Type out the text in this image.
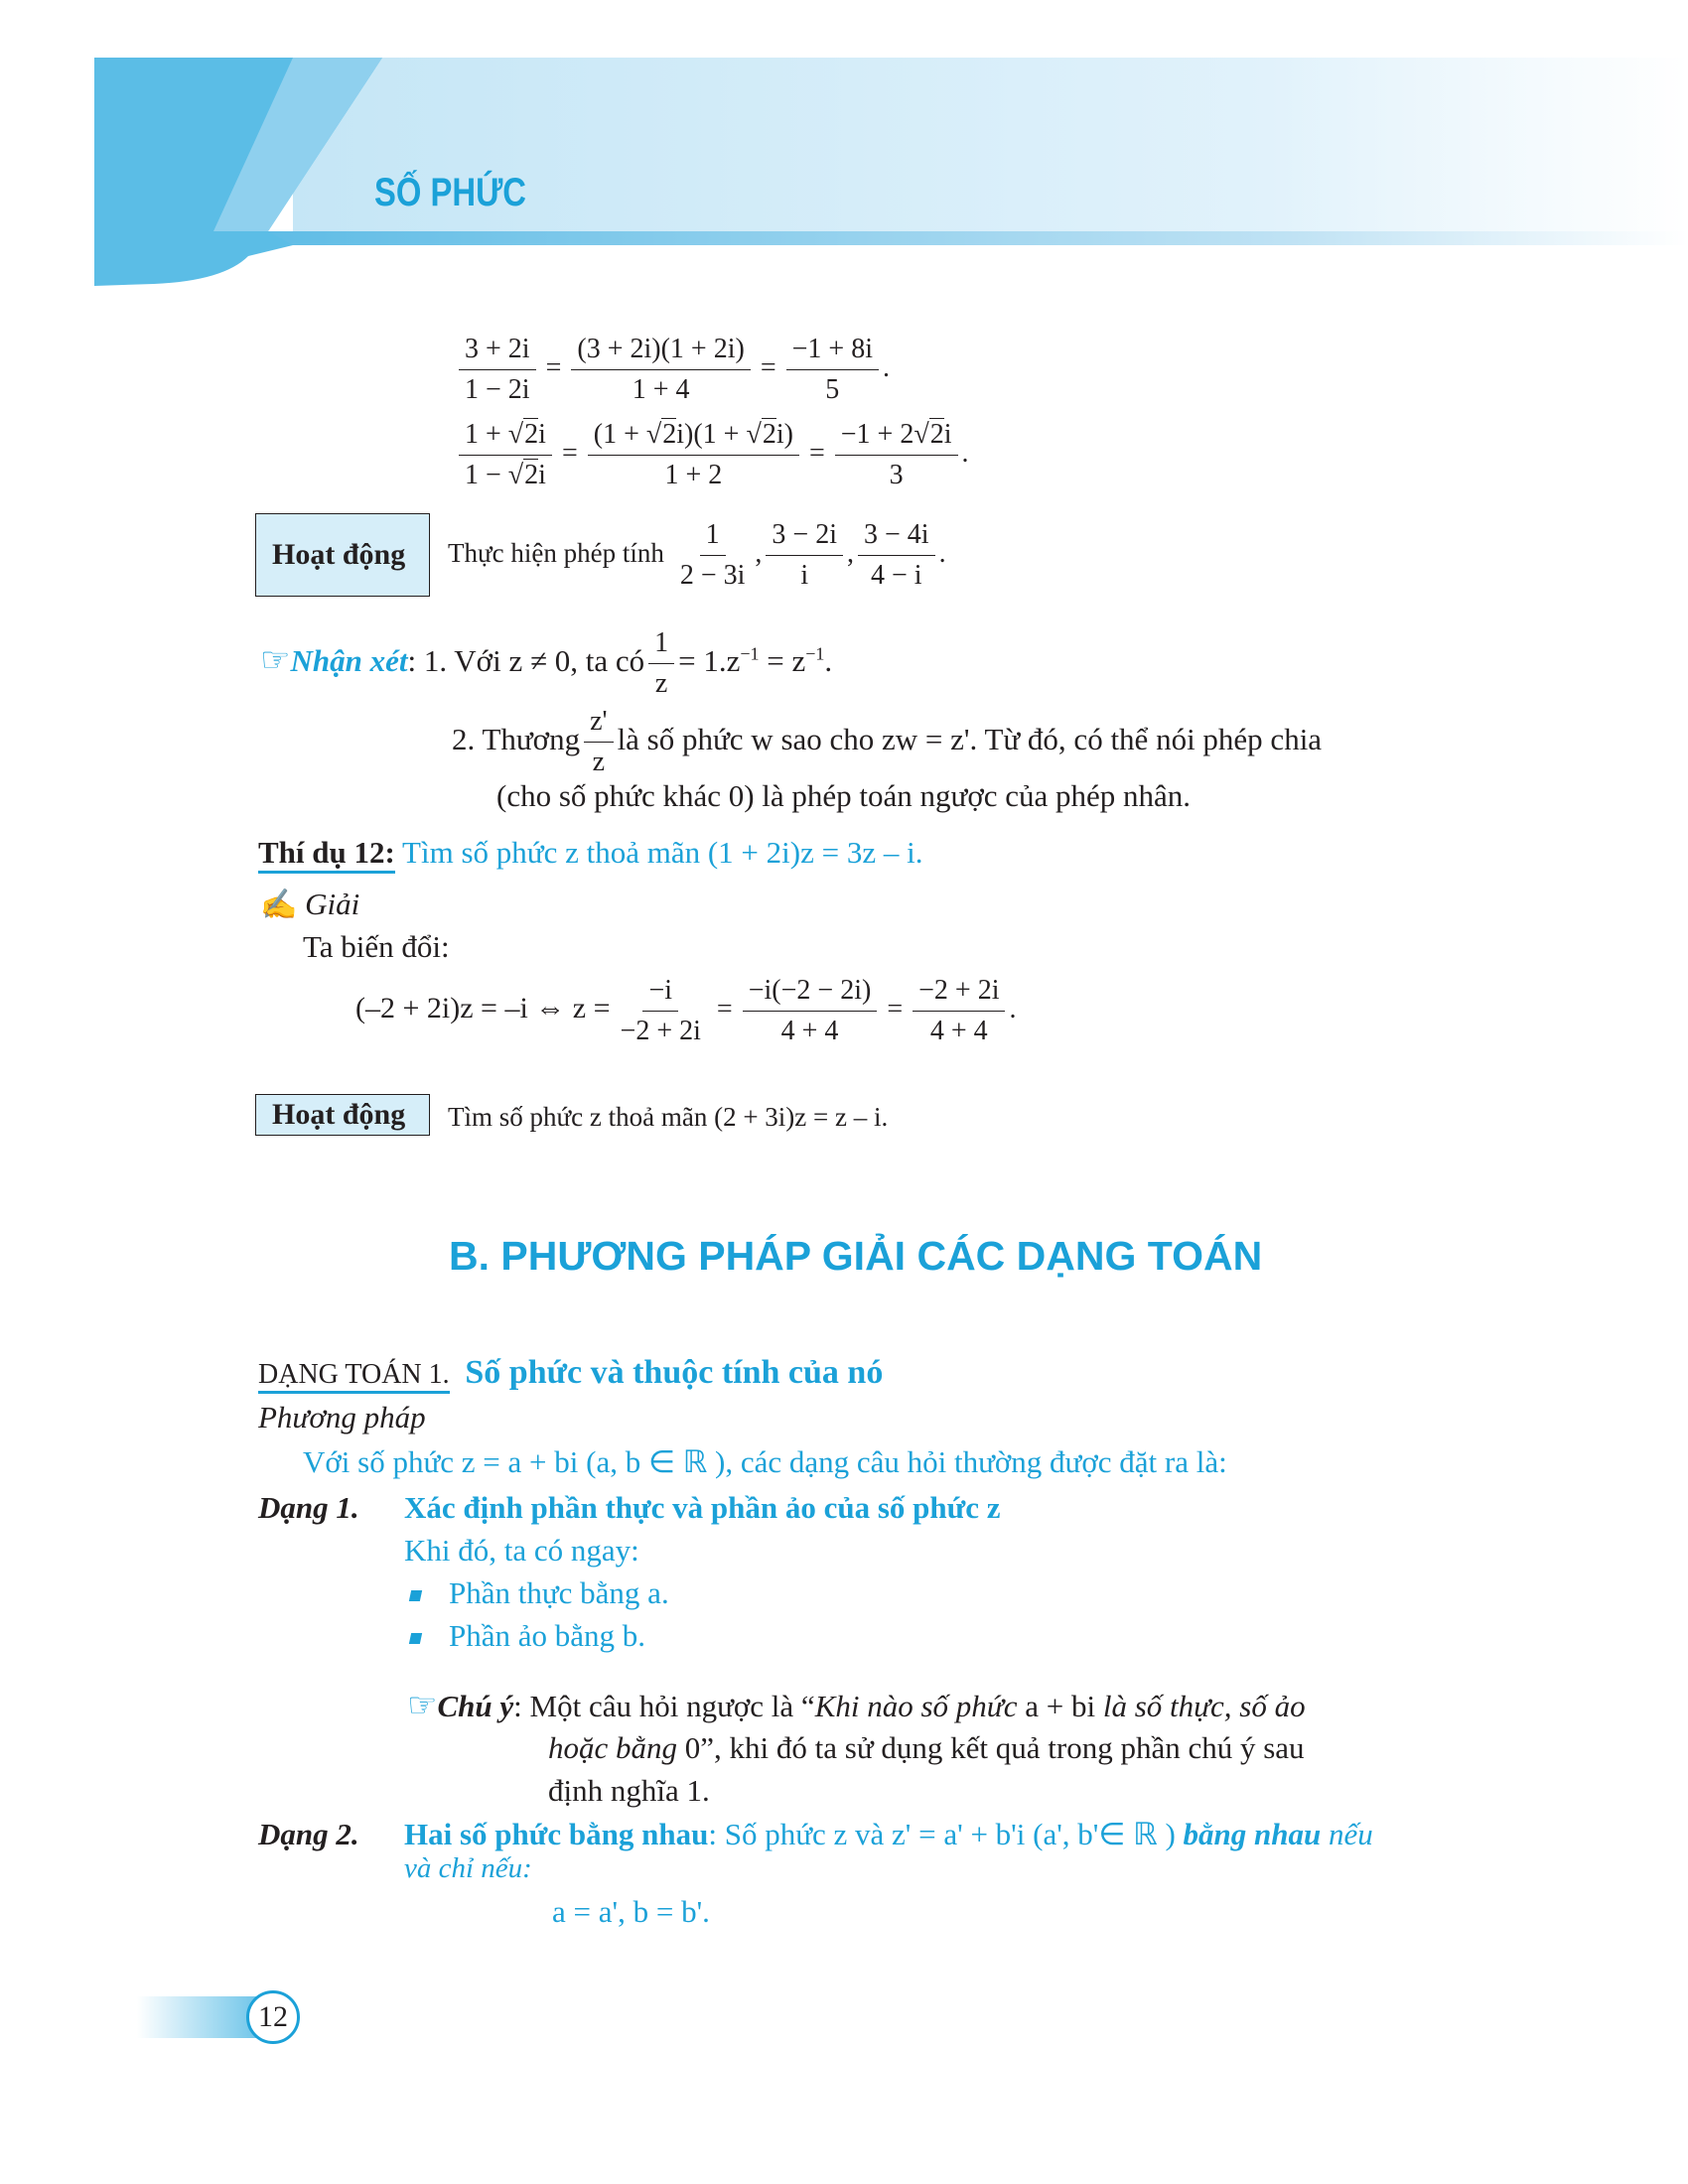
SỐ PHỨC
$\frac{3 + 2i}{1 - 2i} = \frac{(3 + 2i)(1 + 2i)}{1 + 4} = \frac{-1 + 8i}{5}$ .
$\frac{1 + √2i}{1 - √2i} = \frac{(1 + √2i)(1 + √2i)}{1 + 2} = \frac{-1 + 2√2i}{3}$ .
Hoạt động Thực hiện phép tính $\frac{1}{2 - 3i}$ , $\frac{3 - 2i}{i}$ , $\frac{3 - 4i}{4 - i}$ .
☞Nhận xét: 1. Với z ≠ 0, ta có $\frac{1}{z} = 1.z^{-1} = z^{-1}$.
2. Thương $\frac{z'}{z}$ là số phức w sao cho zw = z'. Từ đó, có thể nói phép chia
(cho số phức khác 0) là phép toán ngược của phép nhân.
Thí dụ 12: Tìm số phức z thoả mãn (1 + 2i)z = 3z – i.
✍ Giải
Ta biến đổi:
(–2 + 2i)z = –i ⇔ $z = \frac{-i}{-2 + 2i} = \frac{-i(-2 - 2i)}{4 + 4} = \frac{-2 + 2i}{4 + 4}$ .
Hoạt động Tìm số phức z thoả mãn (2 + 3i)z = z – i.
B. PHƯƠNG PHÁP GIẢI CÁC DẠNG TOÁN
DẠNG TOÁN 1. Số phức và thuộc tính của nó
Phương pháp
Với số phức z = a + bi (a, b ∈ ℝ ), các dạng câu hỏi thường được đặt ra là:
Dạng 1. Xác định phần thực và phần ảo của số phức z
Khi đó, ta có ngay:
Phần thực bằng a.
Phần ảo bằng b.
☞Chú ý: Một câu hỏi ngược là “Khi nào số phức a + bi là số thực, số ảo
hoặc bằng 0”, khi đó ta sử dụng kết quả trong phần chú ý sau
định nghĩa 1.
Dạng 2. Hai số phức bằng nhau: Số phức z và z' = a' + b'i (a', b'∈ ℝ ) bằng nhau nếu
và chỉ nếu:
a = a', b = b'.
12
